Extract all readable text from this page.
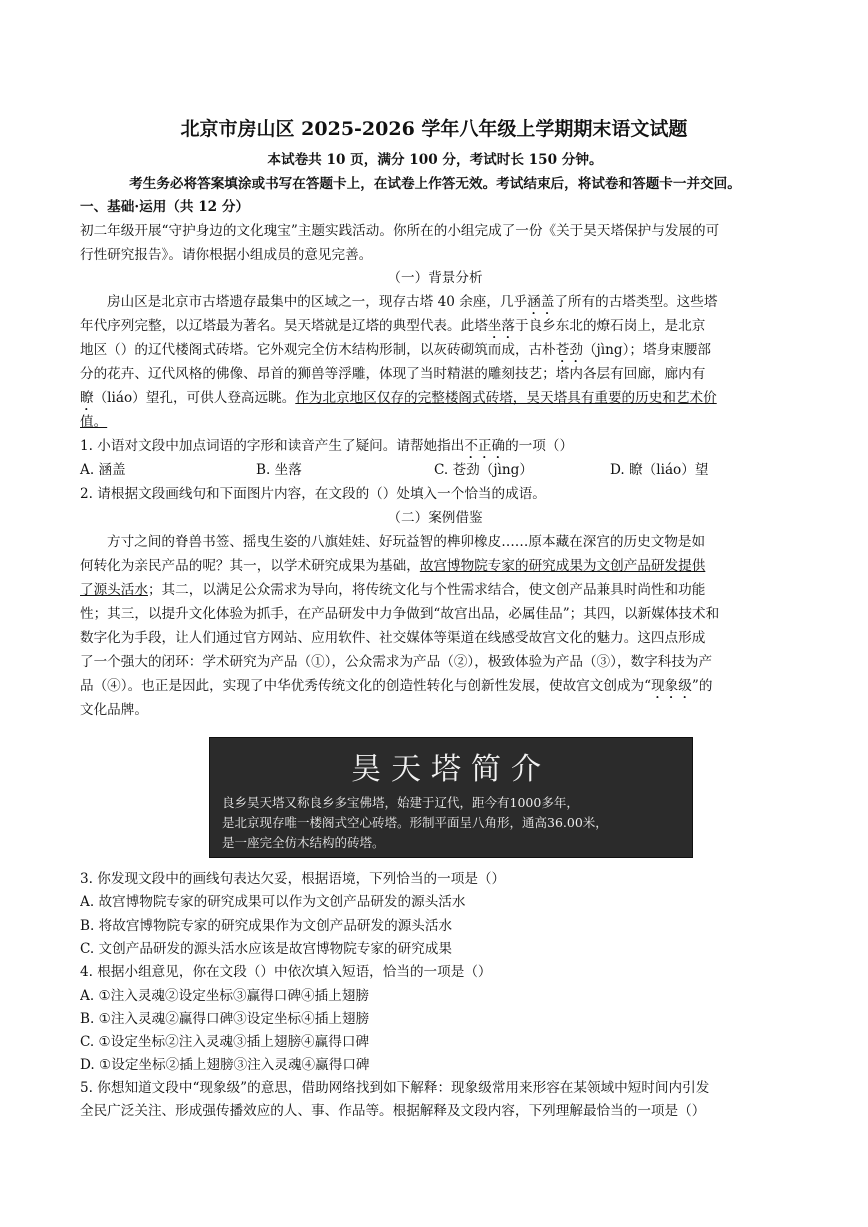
北京市房山区 2025-2026 学年八年级上学期期末语文试题
本试卷共 10 页，满分 100 分，考试时长 150 分钟。
考生务必将答案填涂或书写在答题卡上，在试卷上作答无效。考试结束后，将试卷和答题卡一并交回。
一、基础·运用（共 12 分）
初二年级开展“守护身边的文化瑰宝”主题实践活动。你所在的小组完成了一份《关于昊天塔保护与发展的可
行性研究报告》。请你根据小组成员的意见完善。
（一）背景分析
房山区是北京市古塔遗存最集中的区域之一，现存古塔 40 余座，几乎涵盖了所有的古塔类型。这些塔
年代序列完整，以辽塔最为著名。昊天塔就是辽塔的典型代表。此塔坐落于良乡东北的燎石岗上，是北京
地区（）的辽代楼阁式砖塔。它外观完全仿木结构形制，以灰砖砌筑而成，古朴苍劲（jìng）；塔身束腰部
分的花卉、辽代风格的佛像、昂首的狮兽等浮雕，体现了当时精湛的雕刻技艺；塔内各层有回廊，廊内有
瞭（liáo）望孔，可供人登高远眺。作为北京地区仅存的完整楼阁式砖塔，昊天塔具有重要的历史和艺术价
值。
1. 小语对文段中加点词语的字形和读音产生了疑问。请帮她指出不正确的一项（）
A. 涵盖	B. 坐落	C. 苍劲（jìng）	D. 瞭（liáo）望
2. 请根据文段画线句和下面图片内容，在文段的（）处填入一个恰当的成语。
（二）案例借鉴
方寸之间的脊兽书签、摇曳生姿的八旗娃娃、好玩益智的榫卯橡皮……原本藏在深宫的历史文物是如
何转化为亲民产品的呢？其一，以学术研究成果为基础，故宫博物院专家的研究成果为文创产品研发提供
了源头活水；其二，以满足公众需求为导向，将传统文化与个性需求结合，使文创产品兼具时尚性和功能
性；其三，以提升文化体验为抓手，在产品研发中力争做到“故宫出品，必属佳品”；其四，以新媒体技术和
数字化为手段，让人们通过官方网站、应用软件、社交媒体等渠道在线感受故宫文化的魅力。这四点形成
了一个强大的闭环：学术研究为产品（①），公众需求为产品（②），极致体验为产品（③），数字科技为产
品（④）。也正是因此，实现了中华优秀传统文化的创造性转化与创新性发展，使故宫文创成为“现象级”的
文化品牌。
昊天塔简介
良乡昊天塔又称良乡多宝佛塔，始建于辽代，距今有1000多年，
是北京现存唯一楼阁式空心砖塔。形制平面呈八角形，通高36.00米，
是一座完全仿木结构的砖塔。
3. 你发现文段中的画线句表达欠妥，根据语境，下列恰当的一项是（）
A. 故宫博物院专家的研究成果可以作为文创产品研发的源头活水
B. 将故宫博物院专家的研究成果作为文创产品研发的源头活水
C. 文创产品研发的源头活水应该是故宫博物院专家的研究成果
4. 根据小组意见，你在文段（）中依次填入短语，恰当的一项是（）
A. ①注入灵魂②设定坐标③赢得口碑④插上翅膀
B. ①注入灵魂②赢得口碑③设定坐标④插上翅膀
C. ①设定坐标②注入灵魂③插上翅膀④赢得口碑
D. ①设定坐标②插上翅膀③注入灵魂④赢得口碑
5. 你想知道文段中“现象级”的意思，借助网络找到如下解释：现象级常用来形容在某领域中短时间内引发
全民广泛关注、形成强传播效应的人、事、作品等。根据解释及文段内容，下列理解最恰当的一项是（）
